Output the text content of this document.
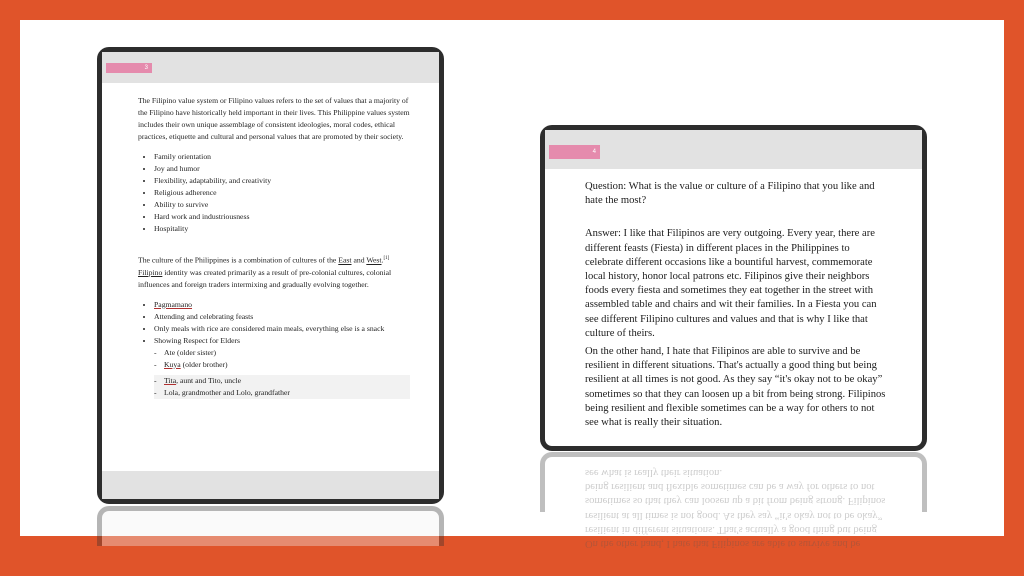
3

The Filipino value system or Filipino values refers to the set of values that a majority of the Filipino have historically held important in their lives. This Philippine values system includes their own unique assemblage of consistent ideologies, moral codes, ethical practices, etiquette and cultural and personal values that are promoted by their society.

• Family orientation
• Joy and humor
• Flexibility, adaptability, and creativity
• Religious adherence
• Ability to survive
• Hard work and industriousness
• Hospitality

The culture of the Philippines is a combination of cultures of the East and West.[1] Filipino identity was created primarily as a result of pre-colonial cultures, colonial influences and foreign traders intermixing and gradually evolving together.

• Pagmamano
• Attending and celebrating feasts
• Only meals with rice are considered main meals, everything else is a snack
• Showing Respect for Elders
- Ate (older sister)
- Kuya (older brother)
- Tita, aunt and Tito, uncle
- Lola, grandmother and Lolo, grandfather
4

Question: What is the value or culture of a Filipino that you like and hate the most?

Answer: I like that Filipinos are very outgoing. Every year, there are different feasts (Fiesta) in different places in the Philippines to celebrate different occasions like a bountiful harvest, commemorate local history, honor local patrons etc. Filipinos give their neighbors foods every fiesta and sometimes they eat together in the street with assembled table and chairs and wit their families. In a Fiesta you can see different Filipino cultures and values and that is why I like that culture of theirs.

On the other hand, I hate that Filipinos are able to survive and be resilient in different situations. That's actually a good thing but being resilient at all times is not good. As they say “it's okay not to be okay” sometimes so that they can loosen up a bit from being strong. Filipinos being resilient and flexible sometimes can be a way for others to not see what is really their situation.

On the other hand, I hate that Filipinos are able to survive and be resilient in different situations. That's actually a good thing but being resilient at all times is not good. As they say “it's okay not to be okay” sometimes so that they can loosen up a bit from being strong. Filipinos being resilient and flexible sometimes can be a way for others to not see what is really their situation.
